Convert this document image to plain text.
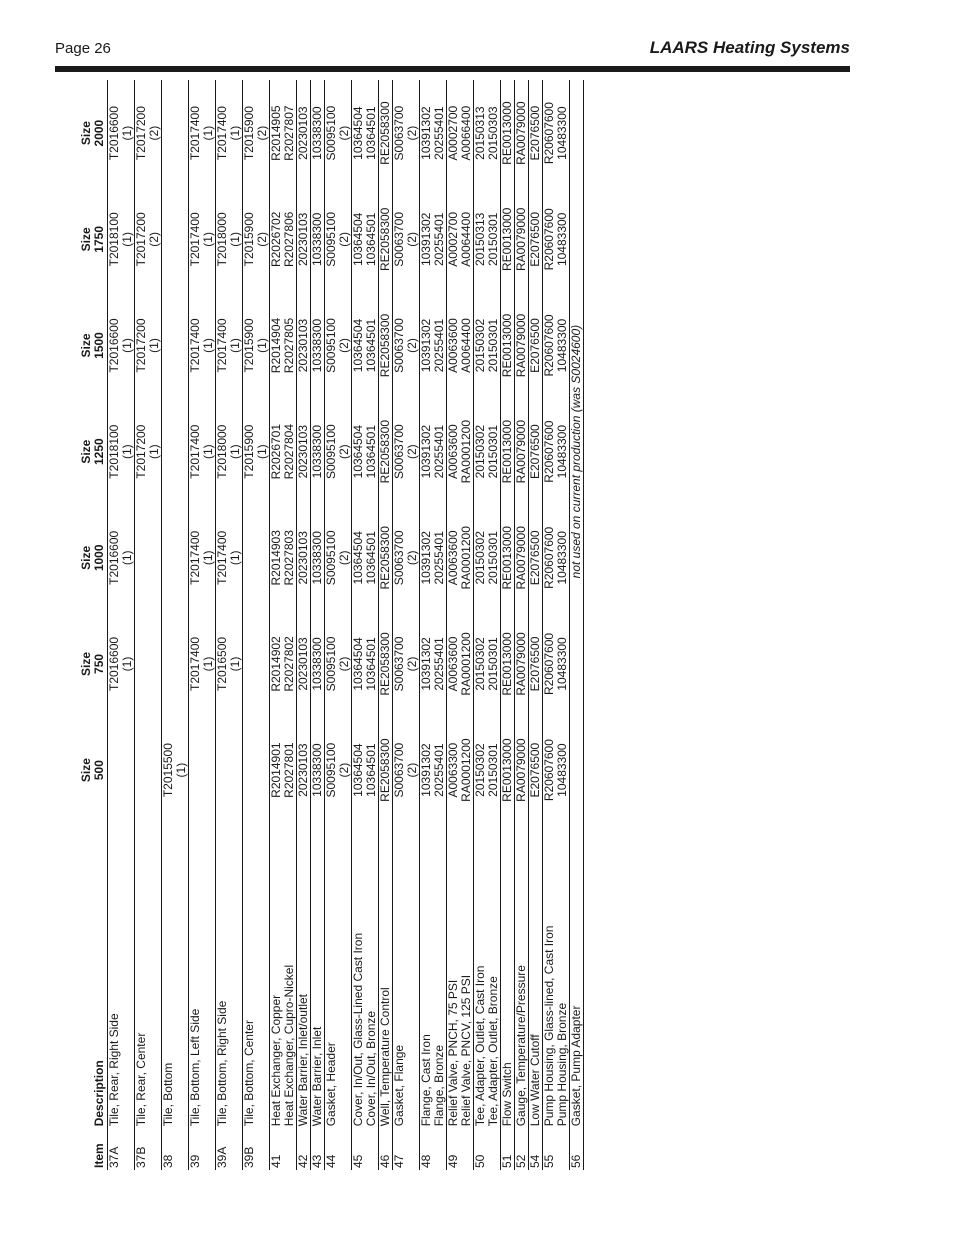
Page 26	LAARS Heating Systems
Item	Description	Size 500	Size 750	Size 1000	Size 1250	Size 1500	Size 1750	Size 2000

37A	Tile, Rear, Right Side		T2016600 (1)	T2016600 (1)	T2018100 (1)	T2016600 (1)	T2018100 (1)	T2016600 (1)

37B	Tile, Rear, Center				T2017200 (1)	T2017200 (1)	T2017200 (2)	T2017200 (2)

38	Tile, Bottom	T2015500 (1)						

39	Tile, Bottom, Left Side		T2017400 (1)	T2017400 (1)	T2017400 (1)	T2017400 (1)	T2017400 (1)	T2017400 (1)

39A	Tile, Bottom, Right Side		T2016500 (1)	T2017400 (1)	T2018000 (1)	T2017400 (1)	T2018000 (1)	T2017400 (1)

39B	Tile, Bottom, Center				T2015900 (1)	T2015900 (1)	T2015900 (2)	T2015900 (2)

41	Heat Exchanger, Copper	R2014901	R2014902	R2014903	R2026701	R2014904	R2026702	R2014905

	Heat Exchanger, Cupro-Nickel	R2027801	R2027802	R2027803	R2027804	R2027805	R2027806	R2027807

42	Water Barrier, Inlet/outlet	20230103	20230103	20230103	20230103	20230103	20230103	20230103

43	Water Barrier, Inlet	10338300	10338300	10338300	10338300	10338300	10338300	10338300

44	Gasket, Header	S0095100 (2)	S0095100 (2)	S0095100 (2)	S0095100 (2)	S0095100 (2)	S0095100 (2)	S0095100 (2)

45	Cover, In/Out, Glass-Lined Cast Iron	10364504	10364504	10364504	10364504	10364504	10364504	10364504

	Cover, In/Out, Bronze	10364501	10364501	10364501	10364501	10364501	10364501	10364501

46	Well, Temperature Control	RE2058300	RE2058300	RE2058300	RE2058300	RE2058300	RE2058300	RE2058300

47	Gasket, Flange	S0063700 (2)	S0063700 (2)	S0063700 (2)	S0063700 (2)	S0063700 (2)	S0063700 (2)	S0063700 (2)

48	Flange, Cast Iron	10391302	10391302	10391302	10391302	10391302	10391302	10391302

	Flange, Bronze	20255401	20255401	20255401	20255401	20255401	20255401	20255401

49	Relief Valve, PNCH, 75 PSI	A0063300	A0063600	A0063600	A0063600	A0063600	A0002700	A0002700

	Relief Valve, PNCV, 125 PSI	RA0001200	RA0001200	RA0001200	RA0001200	A0064400	A0064400	A0066400

50	Tee, Adapter, Outlet, Cast Iron	20150302	20150302	20150302	20150302	20150302	20150313	20150313

	Tee, Adapter, Outlet, Bronze	20150301	20150301	20150301	20150301	20150301	20150301	20150303

51	Flow Switch	RE0013000	RE0013000	RE0013000	RE0013000	RE0013000	RE0013000	RE0013000

52	Gauge, Temperature/Pressure	RA0079000	RA0079000	RA0079000	RA0079000	RA0079000	RA0079000	RA0079000

54	Low Water Cutoff	E2076500	E2076500	E2076500	E2076500	E2076500	E2076500	E2076500

55	Pump Housing, Glass-lined, Cast Iron	R20607600	R20607600	R20607600	R20607600	R20607600	R20607600	R20607600

	Pump Housing, Bronze	10483300	10483300	10483300	10483300	10483300	10483300	10483300

56	Gasket, Pump Adapter	not used on current production (was S0024600)						
